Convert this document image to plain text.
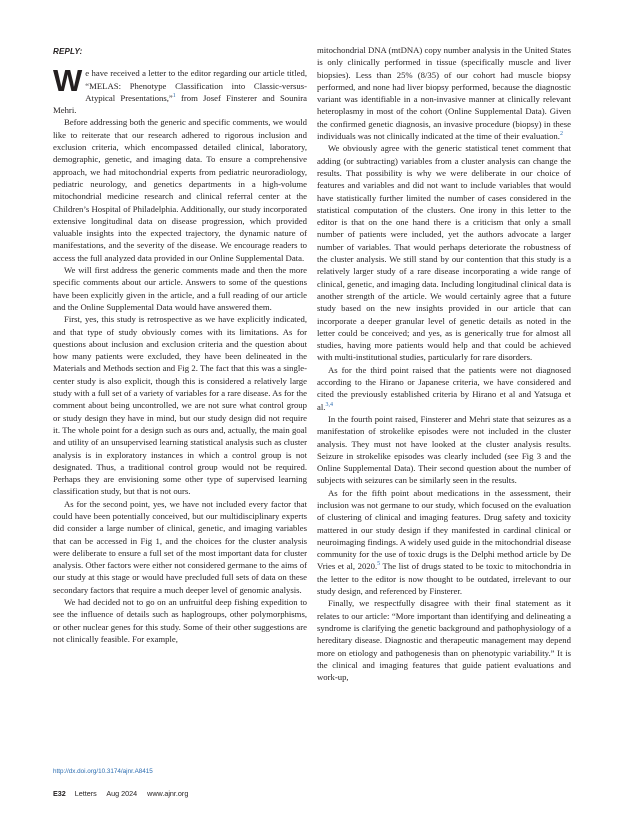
REPLY:

We have received a letter to the editor regarding our article titled, “MELAS: Phenotype Classification into Classic-versus-Atypical Presentations,”$^1$ from Josef Finsterer and Sounira Mehri.

Before addressing both the generic and specific comments, we would like to reiterate that our research adhered to rigorous inclusion and exclusion criteria, which encompassed detailed clinical, laboratory, demographic, genetic, and imaging data. To ensure a comprehensive approach, we had mitochondrial experts from pediatric neuroradiology, pediatric neurology, and genetics departments in a high-volume mitochondrial medicine research and clinical referral center at the Children’s Hospital of Philadelphia. Additionally, our study incorporated extensive longitudinal data on disease progression, which provided valuable insights into the expected trajectory, the dynamic nature of manifestations, and the severity of the disease. We encourage readers to access the full analyzed data provided in our Online Supplemental Data.

We will first address the generic comments made and then the more specific comments about our article. Answers to some of the questions have been explicitly given in the article, and a full reading of our article and the Online Supplemental Data would have answered them.

First, yes, this study is retrospective as we have explicitly indicated, and that type of study obviously comes with its limitations. As for questions about inclusion and exclusion criteria and the question about how many patients were excluded, they have been delineated in the Materials and Methods section and Fig 2. The fact that this was a single-center study is also explicit, though this is considered a relatively large study with a full set of a variety of variables for a rare disease. As for the comment about being uncontrolled, we are not sure what control group or study design they have in mind, but our study design did not require it. The whole point for a design such as ours and, actually, the main goal and utility of an unsupervised learning statistical analysis such as cluster analysis is in exploratory instances in which a control group is not designated. Thus, a traditional control group would not be required. Perhaps they are envisioning some other type of supervised learning classification study, but that is not ours.

As for the second point, yes, we have not included every factor that could have been potentially conceived, but our multidisciplinary experts did consider a large number of clinical, genetic, and imaging variables that can be accessed in Fig 1, and the choices for the cluster analysis were deliberate to ensure a full set of the most important data for cluster analysis. Other factors were either not considered germane to the aims of our study at this stage or would have precluded full sets of data on these secondary factors that require a much deeper level of genomic analysis.

We had decided not to go on an unfruitful deep fishing expedition to see the influence of details such as haplogroups, other polymorphisms, or other nuclear genes for this study. Some of their other suggestions are not clinically feasible. For example,

mitochondrial DNA (mtDNA) copy number analysis in the United States is only clinically performed in tissue (specifically muscle and liver biopsies). Less than 25% (8/35) of our cohort had muscle biopsy performed, and none had liver biopsy performed, because the diagnostic variant was identifiable in a non-invasive manner at clinically relevant heteroplasmy in most of the cohort (Online Supplemental Data). Given the confirmed genetic diagnosis, an invasive procedure (biopsy) in these individuals was not clinically indicated at the time of their evaluation.$^2$

We obviously agree with the generic statistical tenet comment that adding (or subtracting) variables from a cluster analysis can change the results. That possibility is why we were deliberate in our choice of features and variables and did not want to include variables that would have statistically further limited the number of cases considered in the statistical computation of the clusters. One irony in this letter to the editor is that on the one hand there is a criticism that only a small number of patients were included, yet the authors advocate a larger number of variables. That would perhaps deteriorate the robustness of the cluster analysis. We still stand by our contention that this study is a relatively larger study of a rare disease incorporating a wide range of clinical, genetic, and imaging data. Including longitudinal clinical data is another strength of the article. We would certainly agree that a future study based on the new insights provided in our article that can incorporate a deeper granular level of genetic details as noted in the letter could be conceived; and yes, as is generically true for almost all studies, having more patients would help and that could be achieved with multi-institutional studies, particularly for rare disorders.

As for the third point raised that the patients were not diagnosed according to the Hirano or Japanese criteria, we have considered and cited the previously established criteria by Hirano et al and Yatsuga et al.$^{3,4}$

In the fourth point raised, Finsterer and Mehri state that seizures as a manifestation of strokelike episodes were not included in the cluster analysis. They must not have looked at the cluster analysis results. Seizure in strokelike episodes was clearly included (see Fig 3 and the Online Supplemental Data). Their second question about the number of subjects with seizures can be similarly seen in the results.

As for the fifth point about medications in the assessment, their inclusion was not germane to our study, which focused on the evaluation of clustering of clinical and imaging features. Drug safety and toxicity mattered in our study design if they manifested in cardinal clinical or neuroimaging findings. A widely used guide in the mitochondrial disease community for the use of toxic drugs is the Delphi method article by De Vries et al, 2020.$^5$ The list of drugs stated to be toxic to mitochondria in the letter to the editor is now thought to be outdated, irrelevant to our study design, and referenced by Finsterer.

Finally, we respectfully disagree with their final statement as it relates to our article: “More important than identifying and delineating a syndrome is clarifying the genetic background and pathophysiology of a hereditary disease. Diagnostic and therapeutic management may depend more on etiology and pathogenesis than on phenotypic variability.” It is the clinical and imaging features that guide patient evaluations and work-up,

http://dx.doi.org/10.3174/ajnr.A8415
E32 Letters Aug 2024 www.ajnr.org
